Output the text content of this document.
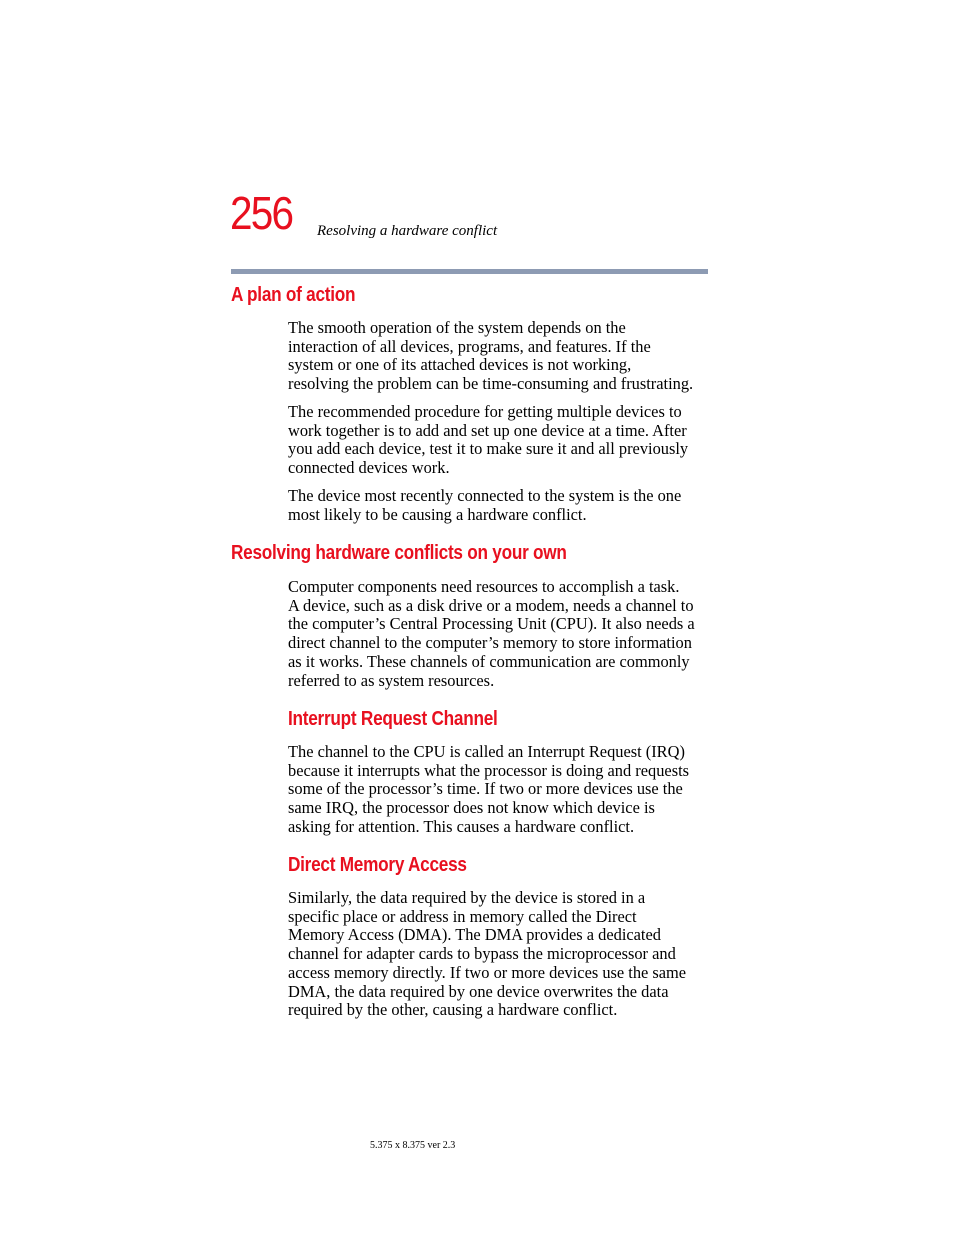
256 Resolving a hardware conflict
A plan of action

The smooth operation of the system depends on the
interaction of all devices, programs, and features. If the
system or one of its attached devices is not working,
resolving the problem can be time-consuming and frustrating.

The recommended procedure for getting multiple devices to
work together is to add and set up one device at a time. After
you add each device, test it to make sure it and all previously
connected devices work.

The device most recently connected to the system is the one
most likely to be causing a hardware conflict.

Resolving hardware conflicts on your own

Computer components need resources to accomplish a task.
A device, such as a disk drive or a modem, needs a channel to
the computer’s Central Processing Unit (CPU). It also needs a
direct channel to the computer’s memory to store information
as it works. These channels of communication are commonly
referred to as system resources.

Interrupt Request Channel

The channel to the CPU is called an Interrupt Request (IRQ)
because it interrupts what the processor is doing and requests
some of the processor’s time. If two or more devices use the
same IRQ, the processor does not know which device is
asking for attention. This causes a hardware conflict.

Direct Memory Access

Similarly, the data required by the device is stored in a
specific place or address in memory called the Direct
Memory Access (DMA). The DMA provides a dedicated
channel for adapter cards to bypass the microprocessor and
access memory directly. If two or more devices use the same
DMA, the data required by one device overwrites the data
required by the other, causing a hardware conflict.

5.375 x 8.375 ver 2.3
